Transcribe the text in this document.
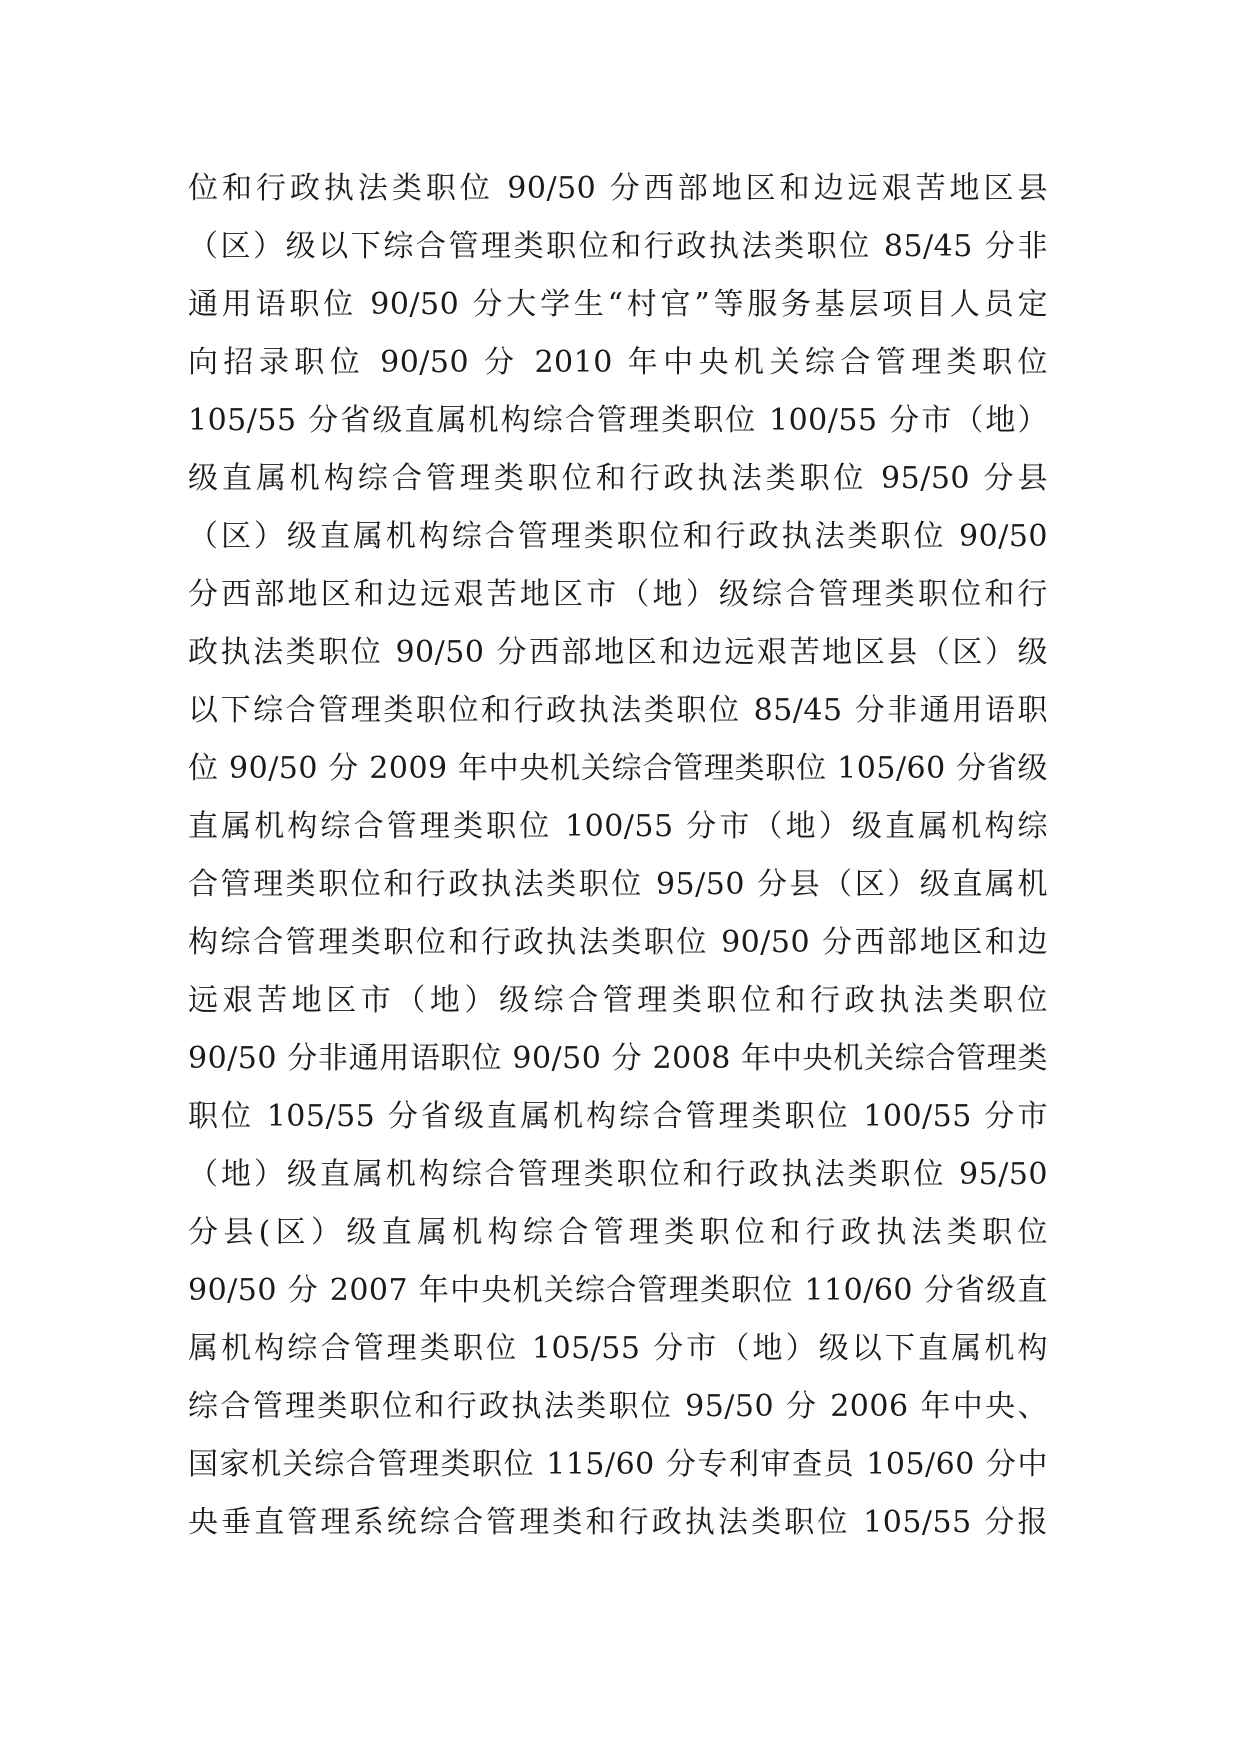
位和行政执法类职位 90/50 分西部地区和边远艰苦地区县
（区）级以下综合管理类职位和行政执法类职位 85/45 分非
通用语职位 90/50 分大学生“村官”等服务基层项目人员定
向招录职位 90/50 分 2010 年中央机关综合管理类职位
105/55 分省级直属机构综合管理类职位 100/55 分市（地）
级直属机构综合管理类职位和行政执法类职位 95/50 分县
（区）级直属机构综合管理类职位和行政执法类职位 90/50
分西部地区和边远艰苦地区市（地）级综合管理类职位和行
政执法类职位 90/50 分西部地区和边远艰苦地区县（区）级
以下综合管理类职位和行政执法类职位 85/45 分非通用语职
位 90/50 分 2009 年中央机关综合管理类职位 105/60 分省级
直属机构综合管理类职位 100/55 分市（地）级直属机构综
合管理类职位和行政执法类职位 95/50 分县（区）级直属机
构综合管理类职位和行政执法类职位 90/50 分西部地区和边
远艰苦地区市（地）级综合管理类职位和行政执法类职位
90/50 分非通用语职位 90/50 分 2008 年中央机关综合管理类
职位 105/55 分省级直属机构综合管理类职位 100/55 分市
（地）级直属机构综合管理类职位和行政执法类职位 95/50
分县(区）级直属机构综合管理类职位和行政执法类职位
90/50 分 2007 年中央机关综合管理类职位 110/60 分省级直
属机构综合管理类职位 105/55 分市（地）级以下直属机构
综合管理类职位和行政执法类职位 95/50 分 2006 年中央、
国家机关综合管理类职位 115/60 分专利审查员 105/60 分中
央垂直管理系统综合管理类和行政执法类职位 105/55 分报
